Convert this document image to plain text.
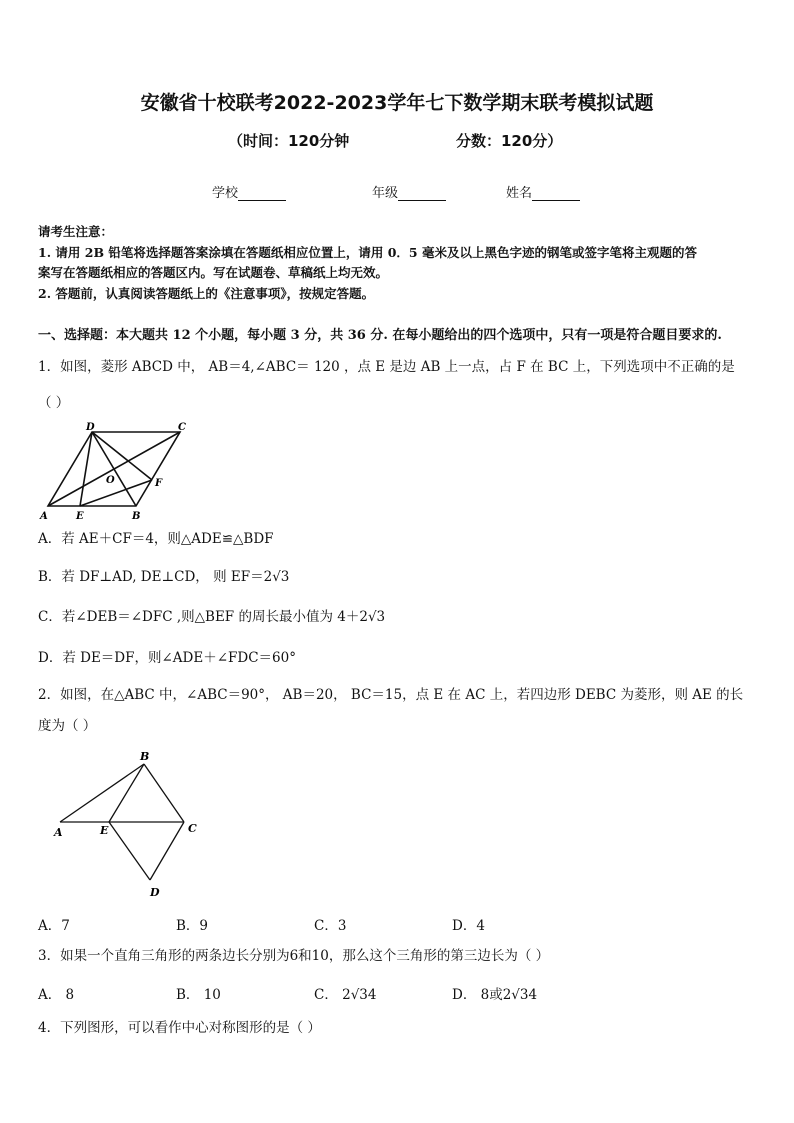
安徽省十校联考2022-2023学年七下数学期末联考模拟试题
（时间：120分钟	分数：120分）
学校	年级	姓名
请考生注意：
1. 请用 2B 铅笔将选择题答案涂填在答题纸相应位置上，请用 0．5 毫米及以上黑色字迹的钢笔或签字笔将主观题的答
案写在答题纸相应的答题区内。写在试题卷、草稿纸上均无效。
2. 答题前，认真阅读答题纸上的《注意事项》，按规定答题。
一、选择题：本大题共 12 个小题，每小题 3 分，共 36 分. 在每小题给出的四个选项中，只有一项是符合题目要求的.
1．如图，菱形 ABCD 中， AB＝4,∠ABC＝ 120 ，点 E 是边 AB 上一点，占 F 在 BC 上，下列选项中不正确的是
（ ）
D	C
O	F
A	E	B
A．若 AE＋CF＝4，则△ADE≌△BDF
B．若 DF⊥AD, DE⊥CD， 则 EF＝2√3
C．若∠DEB＝∠DFC ,则△BEF 的周长最小值为 4＋2√3
D．若 DE＝DF，则∠ADE＋∠FDC＝60°
2．如图，在△ABC 中，∠ABC＝90°， AB＝20， BC＝15，点 E 在 AC 上，若四边形 DEBC 为菱形，则 AE 的长
度为（ ）
B
A	E	C
D
A．7	B．9	C．3	D．4
3．如果一个直角三角形的两条边长分别为6和10，那么这个三角形的第三边长为（ ）
A． 8	B． 10	C． 2√34	D． 8或2√34
4．下列图形，可以看作中心对称图形的是（ ）
